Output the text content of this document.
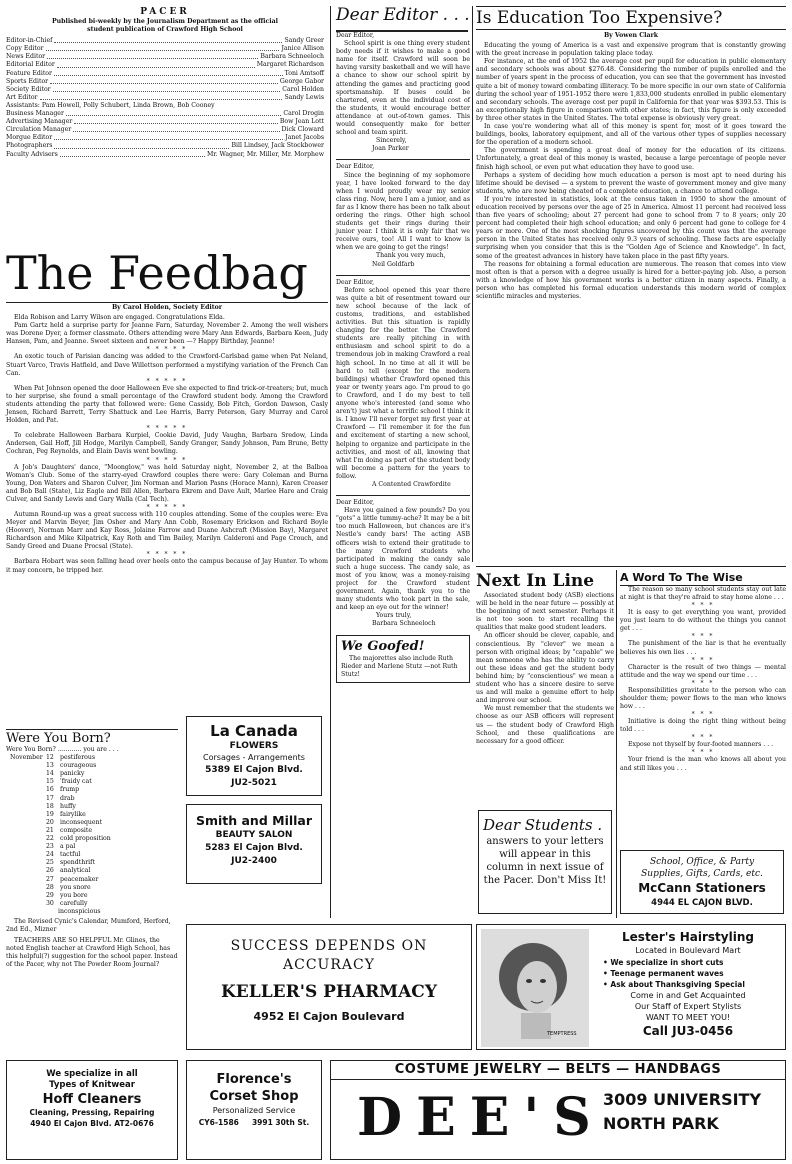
PACER
Published bi-weekly by the Journalism Department as the official
student publication of Crawford High School
Editor-in-Chief	Sandy Greer
Copy Editor	Janice Allison
News Editor	Barbara Schneeloch
Editorial Editor	Margaret Richardson
Feature Editor	Toni Amtsoff
Sports Editor	George Gabor
Society Editor	Carol Holden
Art Editor	Sandy Lewis
Assistants: Pam Howell, Polly Schubert, Linda Brown, Bob Cooney
Business Manager	Carol Drogin
Advertising Manager	Bow Jean Lott
Circulation Manager	Dick Cloward
Morgue Editor	Janet Jacobs
Photographers	Bill Lindsey, Jack Stockbower
Faculty Advisers	Mr. Wagner, Mr. Miller, Mr. Morphew
The Feedbag
By Carol Holden, Society Editor

Elda Robison and Larry Wilson are engaged. Congratulations Elda.

Pam Gartz held a surprise party for Jeanne Farn, Saturday, November 2. Among the well wishers was Dorene Dyer, a former classmate. Others attending were Mary Ann Edwards, Barbara Keen, Judy Hansen, Pam, and Jeanne. Sweet sixteen and never been —? Happy Birthday, Jeanne!

* * * * *

An exotic touch of Parisian dancing was added to the Crawford-Carlsbad game when Pat Neland, Stuart Varco, Travis Hatfield, and Dave Willettson performed a mystifying variation of the French Can Can.

* * * * *

When Pat Johnson opened the door Halloween Eve she expected to find trick-or-treaters; but, much to her surprise, she found a small percentage of the Crawford student body. Among the Crawford students attending the party that followed were: Gene Cassidy, Bob Fitch, Gordon Dawson, Casly Jensen, Richard Barrett, Terry Shattuck and Lee Harris, Barry Peterson, Gary Murray and Carol Holden, and Pat.

* * * * *

To celebrate Halloween Barbara Kurpiel, Cookie David, Judy Vaughn, Barbara Sredow, Linda Andersen, Gail Hoff, Jill Hodge, Marilyn Campbell, Sandy Granger, Sandy Johnson, Pam Brune, Betty Cochran, Peg Reynolds, and Elain Davis went bowling.

* * * * *

A Job's Daughters' dance, "Moonglow," was held Saturday night, November 2, at the Balboa Woman's Club. Some of the starry-eyed Crawford couples there were: Gary Coleman and Burna Young, Don Waters and Sharon Culver, Jim Norman and Marion Pasns (Horace Mann), Karen Creaser and Bob Ball (State), Liz Eagle and Bill Allen, Barbara Ekrem and Dave Ault, Marlee Hare and Craig Culver, and Sandy Lewis and Gary Walla (Cal Tech).

* * * * *

Autumn Round-up was a great success with 110 couples attending. Some of the couples were: Eva Meyer and Marvin Beyer, Jim Osher and Mary Ann Cobb, Rosemary Erickson and Richard Boyle (Hoover), Norman Marr and Kay Ross, Jolaine Farrow and Duane Ashcraft (Mission Bay), Margaret Richardson and Mike Kilpatrick, Kay Roth and Tim Bailey, Marilyn Calderoni and Page Crouch, and Sandy Greed and Duane Procsal (State).

* * * * *

Barbara Hobart was seen falling head over heels onto the campus because of Jay Hunter. To whom it may concern, he tripped her.

Were You Born?
Were You Born? ............ you are . . .
November 12 pestiferous
13 courageous
14 panicky
15 'fraidy cat
16 frump
17 drab
18 huffy
19 fairylike
20 inconsequent
21 composite
22 cold proposition
23 a pal
24 tactful
25 spendthrift
26 analytical
27 peacemaker
28 you snore
29 you bore
30 carefully
inconspicious
The Revised Cynic's Calendar, Mumford, Herford, 2nd Ed., Mizner
TEACHERS ARE SO HELPFUL Mr. Glines, the noted English teacher at Crawford High School, has this helpful(?) suggestion for the school paper. Instead of the Pacer, why not The Powder Room Journal?
We specialize in all
Types of Knitwear
Hoff Cleaners
Cleaning, Pressing, Repairing
4940 El Cajon Blvd. AT2-0676
La Canada
FLOWERS
Corsages - Arrangements
5389 El Cajon Blvd.
JU2-5021
Smith and Millar
BEAUTY SALON
5283 El Cajon Blvd.
JU2-2400
Florence's
Corset Shop
Personalized Service
CY6-1586     3991 30th St.
SUCCESS DEPENDS ON
ACCURACY
KELLER'S PHARMACY
4952 El Cajon Boulevard
COSTUME JEWELRY — BELTS — HANDBAGS
DEE'S
3009 UNIVERSITY
NORTH PARK
Dear Editor . . .
Dear Editor,
School spirit is one thing every student body needs if it wishes to make a good name for itself. Crawford will soon be having varsity basketball and we will have a chance to show our school spirit by attending the games and practicing good sportsmanship. If buses could be chartered, even at the individual cost of the students, it would encourage better attendance at out-of-town games. This would consequently make for better school and team spirit.
Sincerely,
Joan Parker
Dear Editor,
Since the beginning of my sophomore year, I have looked forward to the day when I would proudly wear my senior class ring. Now, here I am a junior, and as far as I know there has been no talk about ordering the rings. Other high school students get their rings during their junior year. I think it is only fair that we receive ours, too! All I want to know is when we are going to get the rings!
Thank you very much,
Neil Goldfarb
Dear Editor,
Before school opened this year there was quite a bit of resentment toward our new school because of the lack of customs, traditions, and established activities. But this situation is rapidly changing for the better. The Crawford students are really pitching in with enthusiasm and school spirit to do a tremendous job in making Crawford a real high school. In no time at all it will be hard to tell (except for the modern buildings) whether Crawford opened this year or twenty years ago. I'm proud to go to Crawford, and I do my best to tell anyone who's interested (and some who aren't) just what a terrific school I think it is. I know I'll never forget my first year at Crawford — I'll remember it for the fun and excitement of starting a new school, helping to organize and participate in the activities, and most of all, knowing that what I'm doing as part of the student body will become a pattern for the years to follow.
A Contented Crawfordite
Dear Editor,
Have you gained a few pounds? Do you "gots" a little tummy-ache? It may be a bit too much Halloween, but chances are it's Nestle's candy bars! The acting ASB officers wish to extend their gratitude to the many Crawford students who participated in making the candy sale such a huge success. The candy sale, as most of you know, was a money-raising project for the Crawford student government. Again, thank you to the many students who took part in the sale, and keep an eye out for the winner!
Yours truly,
Barbara Schneeloch
We Goofed!
The majorettes also include Ruth Rieder and Marlene Stutz —not Ruth Stutz!
Is Education Too Expensive?
By Vowen Clark

Educating the young of America is a vast and expensive program that is constantly growing with the great increase in population taking place today.

For instance, at the end of 1952 the average cost per pupil for education in public elementary and secondary schools was about $276.48. Considering the number of pupils enrolled and the number of years spent in the process of education, you can see that the government has invested quite a bit of money toward combating illiteracy. To be more specific in our own state of California during the school year of 1951-1952 there were 1,833,000 students enrolled in public elementary and secondary schools. The average cost per pupil in California for that year was $393.53. This is an exceptionally high figure in comparison with other states; in fact, this figure is only exceeded by three other states in the United States. The total expense is obviously very great.

In case you're wondering what all of this money is spent for, most of it goes toward the buildings, books, laboratory equipment, and all of the various other types of supplies necessary for the operation of a modern school.

The government is spending a great deal of money for the education of its citizens. Unfortunately, a great deal of this money is wasted, because a large percentage of people never finish high school, or even put what education they have to good use.

Perhaps a system of deciding how much education a person is most apt to need during his lifetime should be devised — a system to prevent the waste of government money and give many students, who are now being cheated of a complete education, a chance to attend college.

If you're interested in statistics, look at the census taken in 1950 to show the amount of education received by persons over the age of 25 in America. Almost 11 percent had received less than five years of schooling; about 27 percent had gone to school from 7 to 8 years; only 20 percent had completed their high school education; and only 6 percent had gone to college for 4 years or more. One of the most shocking figures uncovered by this count was that the average person in the United States has received only 9.3 years of schooling. These facts are especially surprising when you consider that this is the "Golden Age of Science and Knowledge". In fact, some of the greatest advances in history have taken place in the past fifty years.

The reasons for obtaining a formal education are numerous. The reason that comes into view most often is that a person with a degree usually is hired for a better-paying job. Also, a person with a knowledge of how his government works is a better citizen in many aspects. Finally, a person who has completed his formal education understands this modern world of complex scientific miracles and mysteries.

Next In Line

Associated student body (ASB) elections will be held in the near future — possibly at the beginning of next semester. Perhaps it is not too soon to start recalling the qualities that make good student leaders.

An officer should be clever, capable, and conscientious. By "clever" we mean a person with original ideas; by "capable" we mean someone who has the ability to carry out these ideas and get the student body behind him; by "conscientious" we mean a student who has a sincere desire to serve us and will make a genuine effort to help and improve our school.

We must remember that the students we choose as our ASB officers will represent us — the student body of Crawford High School, and these qualifications are necessary for a good officer.

Dear Students .
answers to your letters will appear in this column in next issue of the Pacer. Don't Miss It!
A Word To The Wise

The reason so many school students stay out late at night is that they're afraid to stay home alone . . .

* * *

It is easy to get everything you want, provided you just learn to do without the things you cannot get . . .

* * *

The punishment of the liar is that he eventually believes his own lies . . .

* * *

Character is the result of two things — mental attitude and the way we spend our time . . .

* * *

Responsibilities gravitate to the person who can shoulder them; power flows to the man who knows how . . .

* * *

Initiative is doing the right thing without being told . . .

* * *

Expose not thyself by four-footed manners . . .

* * *

Your friend is the man who knows all about you and still likes you . . .

School, Office, & Party
Supplies, Gifts, Cards, etc.
McCann Stationers
4944 EL CAJON BLVD.
TEMPTRESS
Lester's Hairstyling
Located in Boulevard Mart
• We specialize in short cuts
• Teenage permanent waves
• Ask about Thanksgiving Special
Come in and Get Acquainted
Our Staff of Expert Stylists
WANT TO MEET YOU!
Call JU3-0456
